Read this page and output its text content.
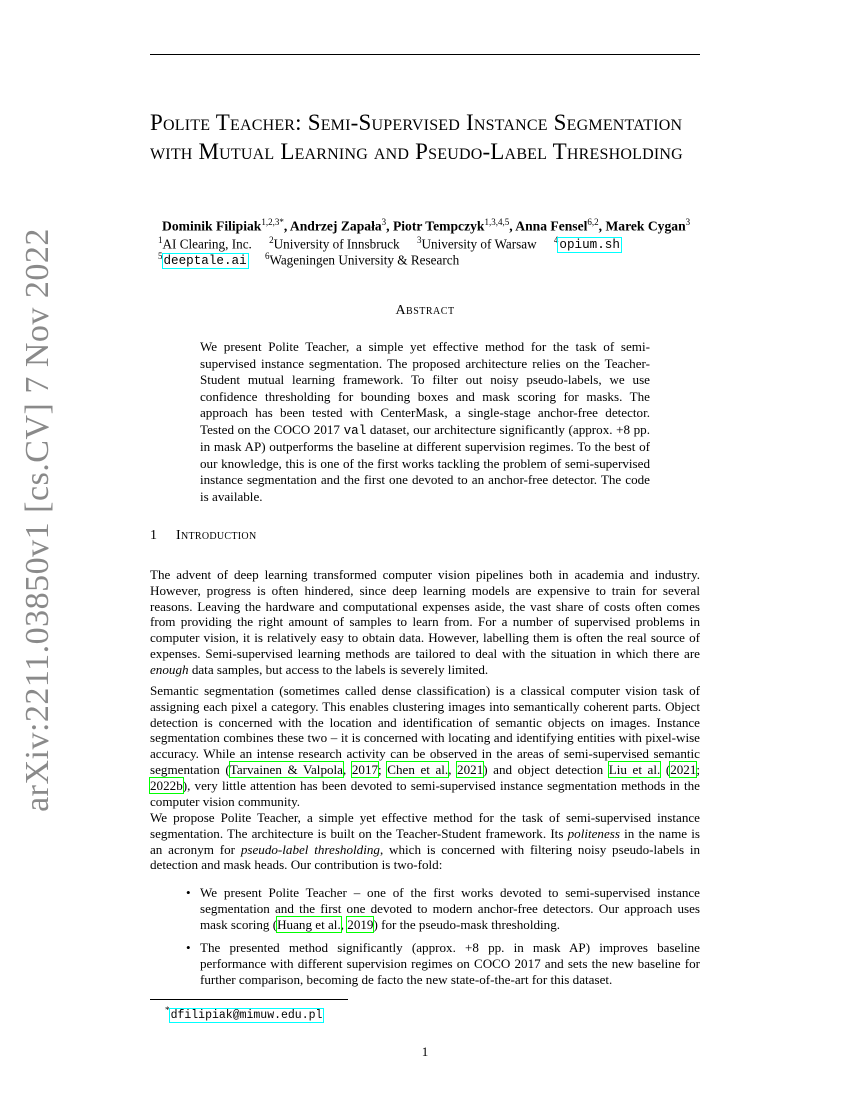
arXiv:2211.03850v1 [cs.CV] 7 Nov 2022
Polite Teacher: Semi-Supervised Instance Segmentation with Mutual Learning and Pseudo-Label Thresholding
Dominik Filipiak$^{1,2,3*}$, Andrzej Zapała$^3$, Piotr Tempczyk$^{1,3,4,5}$, Anna Fensel$^{6,2}$, Marek Cygan$^3$
$^1$AI Clearing, Inc. $^2$University of Innsbruck $^3$University of Warsaw $^4$opium.sh
$^5$deeptale.ai $^6$Wageningen University & Research
Abstract

We present Polite Teacher, a simple yet effective method for the task of semi-supervised instance segmentation. The proposed architecture relies on the Teacher-Student mutual learning framework. To filter out noisy pseudo-labels, we use confidence thresholding for bounding boxes and mask scoring for masks. The approach has been tested with CenterMask, a single-stage anchor-free detector. Tested on the COCO 2017 val dataset, our architecture significantly (approx. +8 pp. in mask AP) outperforms the baseline at different supervision regimes. To the best of our knowledge, this is one of the first works tackling the problem of semi-supervised instance segmentation and the first one devoted to an anchor-free detector. The code is available.

1 Introduction

The advent of deep learning transformed computer vision pipelines both in academia and industry. However, progress is often hindered, since deep learning models are expensive to train for several reasons. Leaving the hardware and computational expenses aside, the vast share of costs often comes from providing the right amount of samples to learn from. For a number of supervised problems in computer vision, it is relatively easy to obtain data. However, labelling them is often the real source of expenses. Semi-supervised learning methods are tailored to deal with the situation in which there are enough data samples, but access to the labels is severely limited.

Semantic segmentation (sometimes called dense classification) is a classical computer vision task of assigning each pixel a category. This enables clustering images into semantically coherent parts. Object detection is concerned with the location and identification of semantic objects on images. Instance segmentation combines these two – it is concerned with locating and identifying entities with pixel-wise accuracy. While an intense research activity can be observed in the areas of semi-supervised semantic segmentation (Tarvainen & Valpola, 2017; Chen et al., 2021) and object detection Liu et al. (2021; 2022b), very little attention has been devoted to semi-supervised instance segmentation methods in the computer vision community.

We propose Polite Teacher, a simple yet effective method for the task of semi-supervised instance segmentation. The architecture is built on the Teacher-Student framework. Its politeness in the name is an acronym for pseudo-label thresholding, which is concerned with filtering noisy pseudo-labels in detection and mask heads. Our contribution is two-fold:

• We present Polite Teacher – one of the first works devoted to semi-supervised instance segmentation and the first one devoted to modern anchor-free detectors. Our approach uses mask scoring (Huang et al., 2019) for the pseudo-mask thresholding.
• The presented method significantly (approx. +8 pp. in mask AP) improves baseline performance with different supervision regimes on COCO 2017 and sets the new baseline for further comparison, becoming de facto the new state-of-the-art for this dataset.
*dfilipiak@mimuw.edu.pl
1
